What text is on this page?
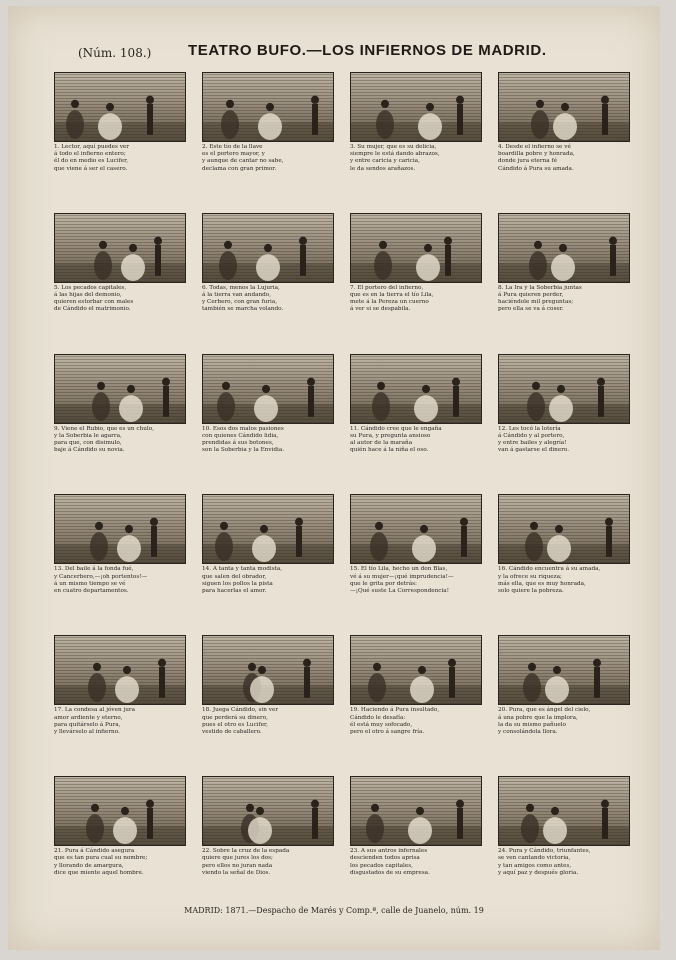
(Núm. 108.) TEATRO BUFO.—LOS INFIERNOS DE MADRID.
1. Lector, aquí puedes ver
á todo el infierno entero;
él do en medio es Lucifer,
que viene á ser el casero.
2. Este tío de la llave
es el portero mayor, y
y aunque de cantar no sabe,
declama con gran primor.
3. Su mujer, que es su delicia,
siempre le está dando abrazos,
y entre caricia y caricia,
le da sendos arañazos.
4. Desde el infierno se vé
boardilla pobre y honrada,
donde jura eterna fé
Cándido á Pura su amada.
5. Los pecados capitales,
á las hijas del demonio,
quieren estorbar con males
de Cándido el matrimonio.
6. Todas, menos la Lujuria,
á la tierra van andando,
y Cerbero, con gran furia,
también se marcha volando.
7. El portero del infierno,
que es en la tierra el tío Lila,
mete á la Pereza un cuerno
á ver si se despabila.
8. La Ira y la Soberbia juntas
á Pura quieren perder,
haciéndole mil preguntas;
pero ella se va á coser.
9. Viene el Rubio, que es un chulo,
y la Soberbia le agarra,
para que, con disimulo,
baje á Cándido su novia.
10. Esos dos malos pasiones
con quienes Cándido lidia,
prendidas á sus botones,
son la Soberbia y la Envidia.
11. Cándido cree que le engaña
su Pura, y pregunta ansioso
al autor de la maraña
quién hace á la niña el oso.
12. Les tocó la lotería
á Cándido y al portero,
y entre bailes y alegría!
van á gastarse el dinero.
13. Del baile á la fonda fué,
y Cancerbero,—¡oh portentos!—
á un mismo tiempo se vé
en cuatro departamentos.
14. A tanta y tanta modista,
que salen del obrador,
siguen los pollos la pista
para hacerlas el amor.
15. El tío Lila, hecho un don Blas,
vé á su mujer—¡qué imprudencia!—
que le grita por detrás:
—¡Qué suste La Correspondencia!
16. Cándido encuentra á su amada,
y la ofrece su riqueza;
más ella, que es muy honrada,
solo quiere la pobreza.
17. La condesa al jóven jura
amor ardiente y eterno,
para quitárselo á Pura,
y llevárselo al infierno.
18. Juega Cándido, sin ver
que perderá su dinero,
pues el otro es Lucifer,
vestido de caballero.
19. Haciendo á Pura insultado,
Cándido le desafía:
él está muy sofocado,
pero el otro á sangre fría.
20. Pura, que es ángel del cielo,
á una pobre que la implora,
la da su mismo pañuelo
y consolándola llora.
21. Pura á Cándido asegura
que es tan pura cual su nombre;
y llorando de amargura,
dice que miente aquel hombre.
22. Sobre la cruz de la espada
quiere que jures los dos;
pero ellos no juran nada
viendo la señal de Dios.
23. A sus antros infernales
descienden todos aprisa
los pecados capitales,
disgustados de su empresa.
24. Pura y Cándido, triunfantes,
se ven cantando victoria,
y tan amigos como antes,
y aquí paz y después gloria.
MADRID: 1871.—Despacho de Marés y Comp.ª, calle de Juanelo, núm. 19
